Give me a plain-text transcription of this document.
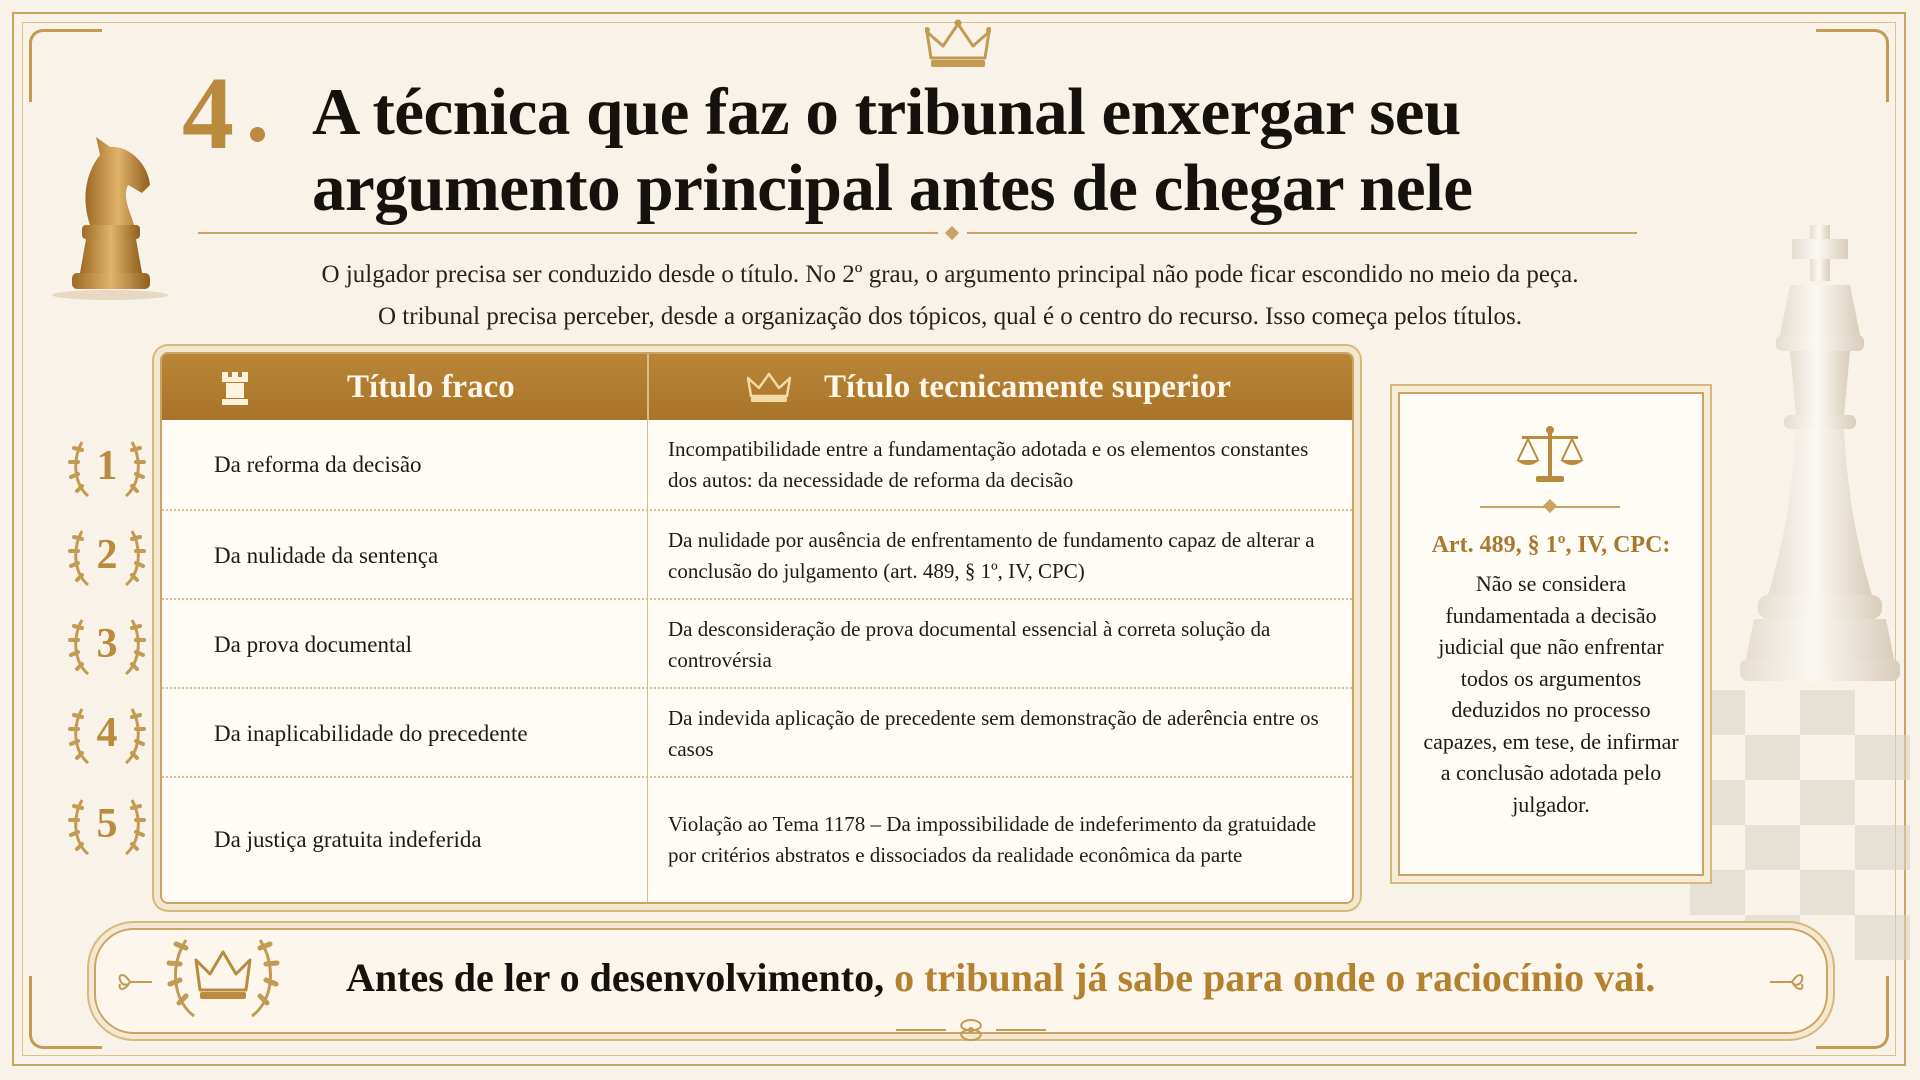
4 A técnica que faz o tribunal enxergar seu argumento principal antes de chegar nele

O julgador precisa ser conduzido desde o título. No 2º grau, o argumento principal não pode ficar escondido no meio da peça.

O tribunal precisa perceber, desde a organização dos tópicos, qual é o centro do recurso. Isso começa pelos títulos.

1
2
3
4
5
Título fraco	Título tecnicamente superior
Da reforma da decisão
Incompatibilidade entre a fundamentação adotada e os elementos constantes dos autos: da necessidade de reforma da decisão
Da nulidade da sentença
Da nulidade por ausência de enfrentamento de fundamento capaz de alterar a conclusão do julgamento (art. 489, § 1º, IV, CPC)
Da prova documental
Da desconsideração de prova documental essencial à correta solução da controvérsia
Da inaplicabilidade do precedente
Da indevida aplicação de precedente sem demonstração de aderência entre os casos
Da justiça gratuita indeferida
Violação ao Tema 1178 – Da impossibilidade de indeferimento da gratuidade por critérios abstratos e dissociados da realidade econômica da parte
Art. 489, § 1º, IV, CPC:
Não se considera fundamentada a decisão judicial que não enfrentar todos os argumentos deduzidos no processo capazes, em tese, de infirmar a conclusão adotada pelo julgador.
Antes de ler o desenvolvimento, o tribunal já sabe para onde o raciocínio vai.
